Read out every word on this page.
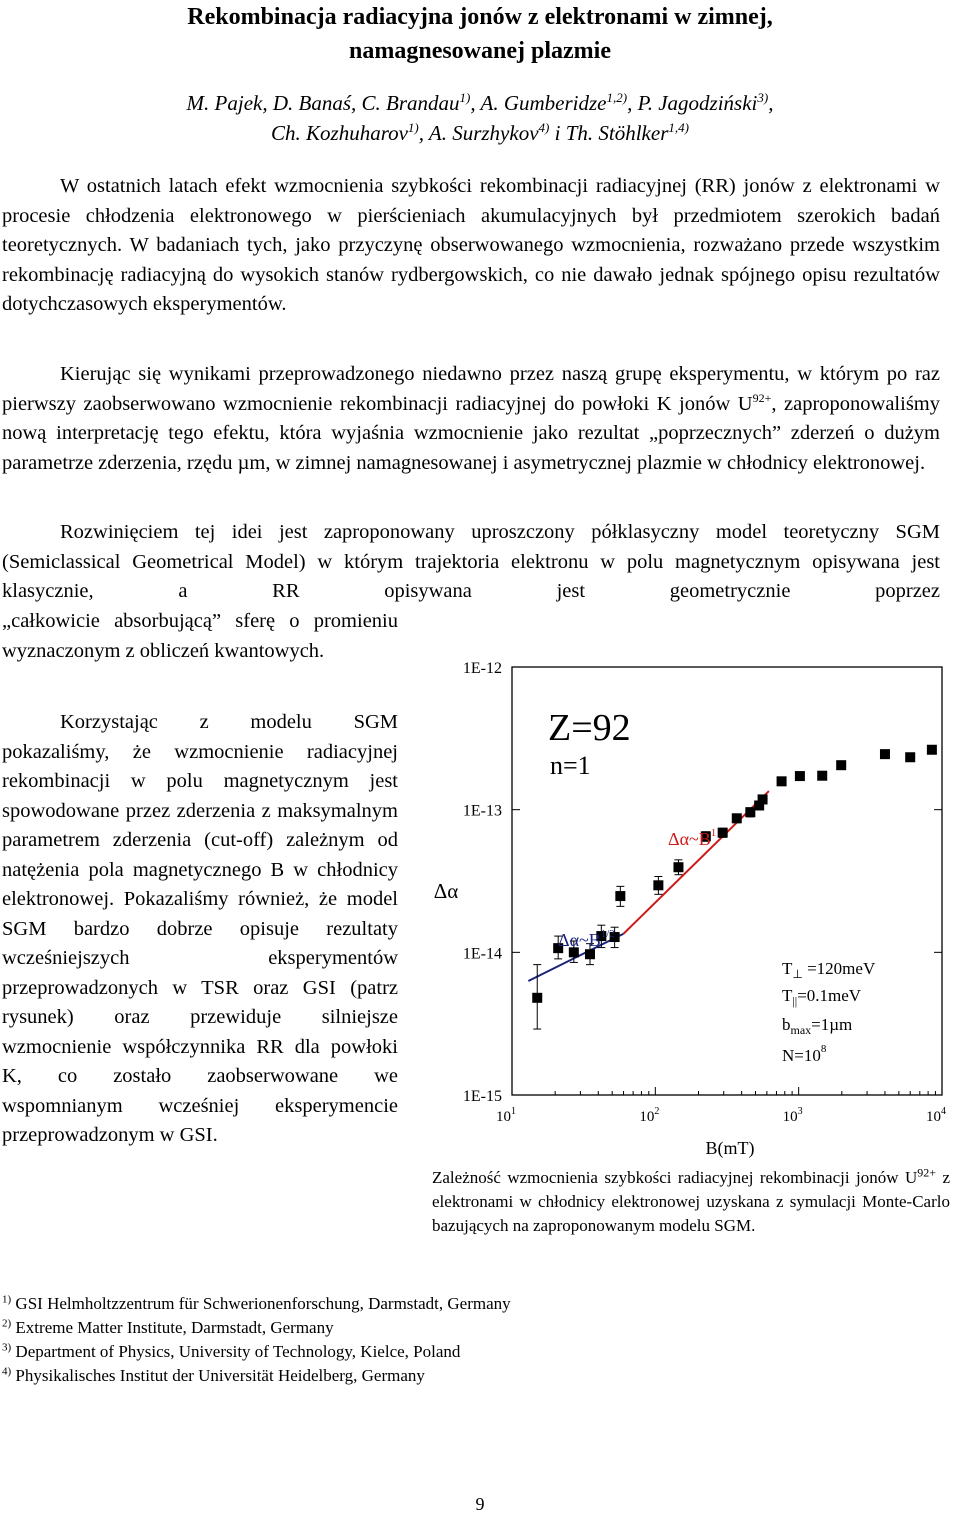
Rekombinacja radiacyjna jonów z elektronami w zimnej,
namagnesowanej plazmie
M. Pajek, D. Banaś, C. Brandau$^{1)}$, A. Gumberidze$^{1,2)}$, P. Jagodziński$^{3)}$,
Ch. Kozhuharov$^{1)}$, A. Surzhykov$^{4)}$ i Th. Stöhlker$^{1,4)}$

W ostatnich latach efekt wzmocnienia szybkości rekombinacji radiacyjnej (RR) jonów z elektronami w procesie chłodzenia elektronowego w pierścieniach akumulacyjnych był przedmiotem szerokich badań teoretycznych. W badaniach tych, jako przyczynę obserwowanego wzmocnienia, rozważano przede wszystkim rekombinację radiacyjną do wysokich stanów rydbergowskich, co nie dawało jednak spójnego opisu rezultatów dotychczasowych eksperymentów.

Kierując się wynikami przeprowadzonego niedawno przez naszą grupę eksperymentu, w którym po raz pierwszy zaobserwowano wzmocnienie rekombinacji radiacyjnej do powłoki K jonów $U^{92+}$, zaproponowaliśmy nową interpretację tego efektu, która wyjaśnia wzmocnienie jako rezultat „poprzecznych” zderzeń o dużym parametrze zderzenia, rzędu µm, w zimnej namagnesowanej i asymetrycznej plazmie w chłodnicy elektronowej.

Rozwinięciem tej idei jest zaproponowany uproszczony półklasyczny model teoretyczny SGM (Semiclassical Geometrical Model) w którym trajektoria elektronu w polu magnetycznym opisywana jest klasycznie, a RR opisywana jest geometrycznie poprzez

„całkowicie absorbującą” sferę o promieniu wyznaczonym z obliczeń kwantowych.

Korzystając z modelu SGM pokazaliśmy, że wzmocnienie radiacyjnej rekombinacji w polu magnetycznym jest spowodowane przez zderzenia z maksymalnym parametrem zderzenia (cut-off) zależnym od natężenia pola magnetycznego B w chłodnicy elektronowej. Pokazaliśmy również, że model SGM bardzo dobrze opisuje rezultaty wcześniejszych eksperymentów przeprowadzonych w TSR oraz GSI (patrz rysunek) oraz przewiduje silniejsze wzmocnienie współczynnika RR dla powłoki K, co zostało zaobserwowane we wspomnianym wcześniej eksperymencie przeprowadzonym w GSI.

1E-12
1E-13
1E-14
1E-15
$10^1$	$10^2$	$10^3$	$10^4$
Δα
B(mT)
Z=92
n=1
$\Delta\alpha\sim B^1$
$\Delta\alpha\sim B^{1/2}$
$T_\perp =120meV$
$T_{||}=0.1meV$
$b_{max}=1\mu m$
$N=10^8$
Zależność wzmocnienia szybkości radiacyjnej rekombinacji jonów $U^{92+}$ z elektronami w chłodnicy elektronowej uzyskana z symulacji Monte-Carlo bazujących na zaproponowanym modelu SGM.
$^{1)}$ GSI Helmholtzzentrum für Schwerionenforschung, Darmstadt, Germany
$^{2)}$ Extreme Matter Institute, Darmstadt, Germany
$^{3)}$ Department of Physics, University of Technology, Kielce, Poland
$^{4)}$ Physikalisches Institut der Universität Heidelberg, Germany
9
